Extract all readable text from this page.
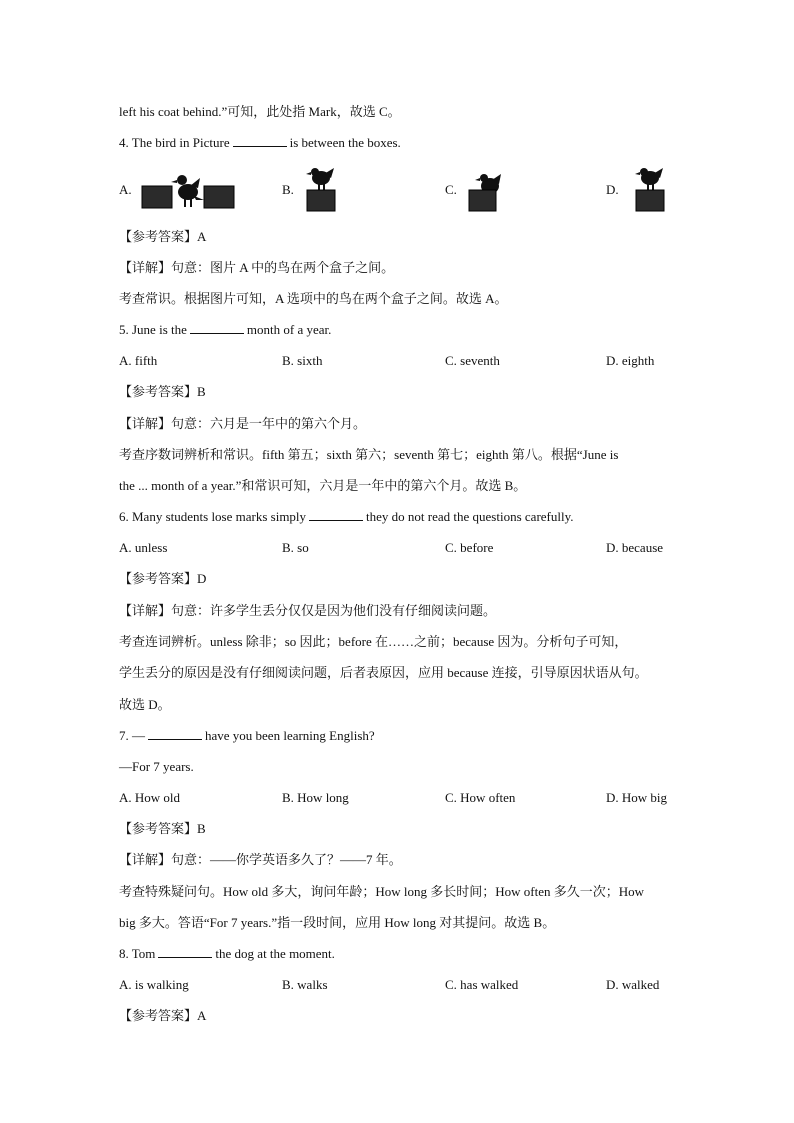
left his coat behind.”可知，此处指 Mark，故选 C。
4. The bird in Picture	is between the boxes.
A.	B.	C.	D.
【参考答案】A
【详解】句意：图片 A 中的鸟在两个盒子之间。
考查常识。根据图片可知，A 选项中的鸟在两个盒子之间。故选 A。
5. June is the	month of a year.
A. fifth	B. sixth	C. seventh	D. eighth
【参考答案】B
【详解】句意：六月是一年中的第六个月。
考查序数词辨析和常识。fifth 第五；sixth 第六；seventh 第七；eighth 第八。根据“June is
the ... month of a year.”和常识可知，六月是一年中的第六个月。故选 B。
6. Many students lose marks simply	they do not read the questions carefully.
A. unless	B. so	C. before	D. because
【参考答案】D
【详解】句意：许多学生丢分仅仅是因为他们没有仔细阅读问题。
考查连词辨析。unless 除非；so 因此；before 在……之前；because 因为。分析句子可知，
学生丢分的原因是没有仔细阅读问题，后者表原因，应用 because 连接，引导原因状语从句。
故选 D。
7. —	have you been learning English?
—For 7 years.
A. How old	B. How long	C. How often	D. How big
【参考答案】B
【详解】句意：——你学英语多久了？——7 年。
考查特殊疑问句。How old 多大，询问年龄；How long 多长时间；How often 多久一次；How
big 多大。答语“For 7 years.”指一段时间，应用 How long 对其提问。故选 B。
8. Tom	the dog at the moment.
A. is walking	B. walks	C. has walked	D. walked
【参考答案】A
